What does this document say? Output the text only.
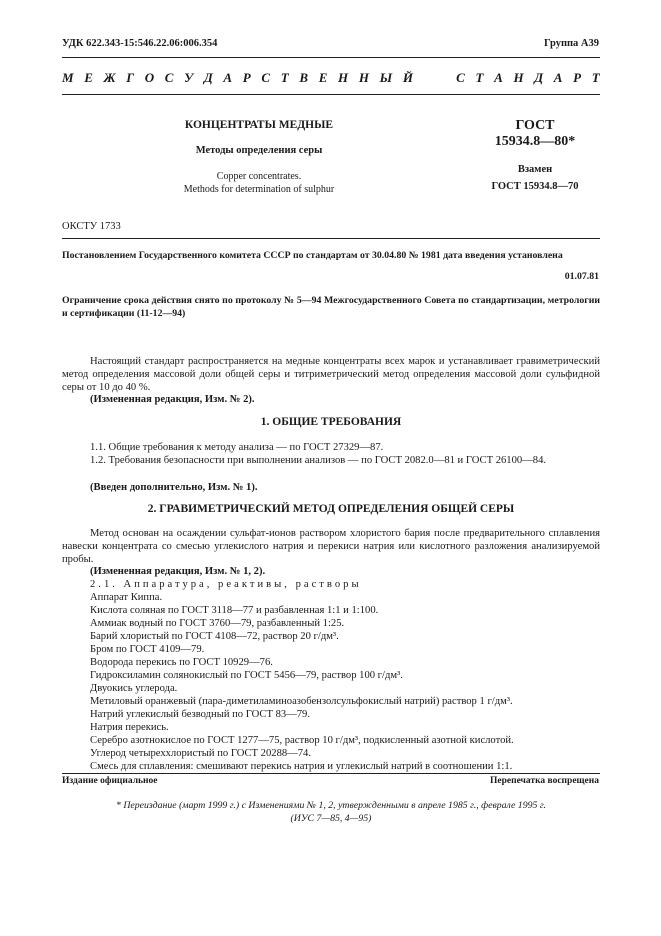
УДК 622.343-15:546.22.06:006.354	Группа А39
М Е Ж Г О С У Д А Р С Т В Е Н Н Ы Й	С Т А Н Д А Р Т
КОНЦЕНТРАТЫ МЕДНЫЕ
Методы определения серы
Copper concentrates.
Methods for determination of sulphur
ГОСТ
15934.8—80*
Взамен
ГОСТ 15934.8—70
ОКСТУ 1733
Постановлением Государственного комитета СССР по стандартам от 30.04.80 № 1981 дата введения установлена
01.07.81
Ограничение срока действия снято по протоколу № 5—94 Межгосударственного Совета по стандартизации, метрологии и сертификации (11-12—94)
Настоящий стандарт распространяется на медные концентраты всех марок и устанавливает гравиметрический метод определения массовой доли общей серы и титриметрический метод определения массовой доли сульфидной серы от 10 до 40 %.
(Измененная редакция, Изм. № 2).
1. ОБЩИЕ ТРЕБОВАНИЯ
1.1. Общие требования к методу анализа — по ГОСТ 27329—87.
1.2. Требования безопасности при выполнении анализов — по ГОСТ 2082.0—81 и ГОСТ 26100—84.
(Введен дополнительно, Изм. № 1).
2. ГРАВИМЕТРИЧЕСКИЙ МЕТОД ОПРЕДЕЛЕНИЯ ОБЩЕЙ СЕРЫ
Метод основан на осаждении сульфат-ионов раствором хлористого бария после предварительного сплавления навески концентрата со смесью углекислого натрия и перекиси натрия или кислотного разложения анализируемой пробы.
(Измененная редакция, Изм. № 1, 2).
2.1. Аппаратура, реактивы, растворы
Аппарат Киппа.
Кислота соляная по ГОСТ 3118—77 и разбавленная 1:1 и 1:100.
Аммиак водный по ГОСТ 3760—79, разбавленный 1:25.
Барий хлористый по ГОСТ 4108—72, раствор 20 г/дм³.
Бром по ГОСТ 4109—79.
Водорода перекись по ГОСТ 10929—76.
Гидроксиламин солянокислый по ГОСТ 5456—79, раствор 100 г/дм³.
Двуокись углерода.
Метиловый оранжевый (пара-диметиламиноазобензолсульфокислый натрий) раствор 1 г/дм³.
Натрий углекислый безводный по ГОСТ 83—79.
Натрия перекись.
Серебро азотнокислое по ГОСТ 1277—75, раствор 10 г/дм³, подкисленный азотной кислотой.
Углерод четыреххлористый по ГОСТ 20288—74.
Смесь для сплавления: смешивают перекись натрия и углекислый натрий в соотношении 1:1.
Издание официальное	Перепечатка воспрещена
* Переиздание (март 1999 г.) с Изменениями № 1, 2, утвержденными в апреле 1985 г., феврале 1995 г.
(ИУС 7—85, 4—95)
